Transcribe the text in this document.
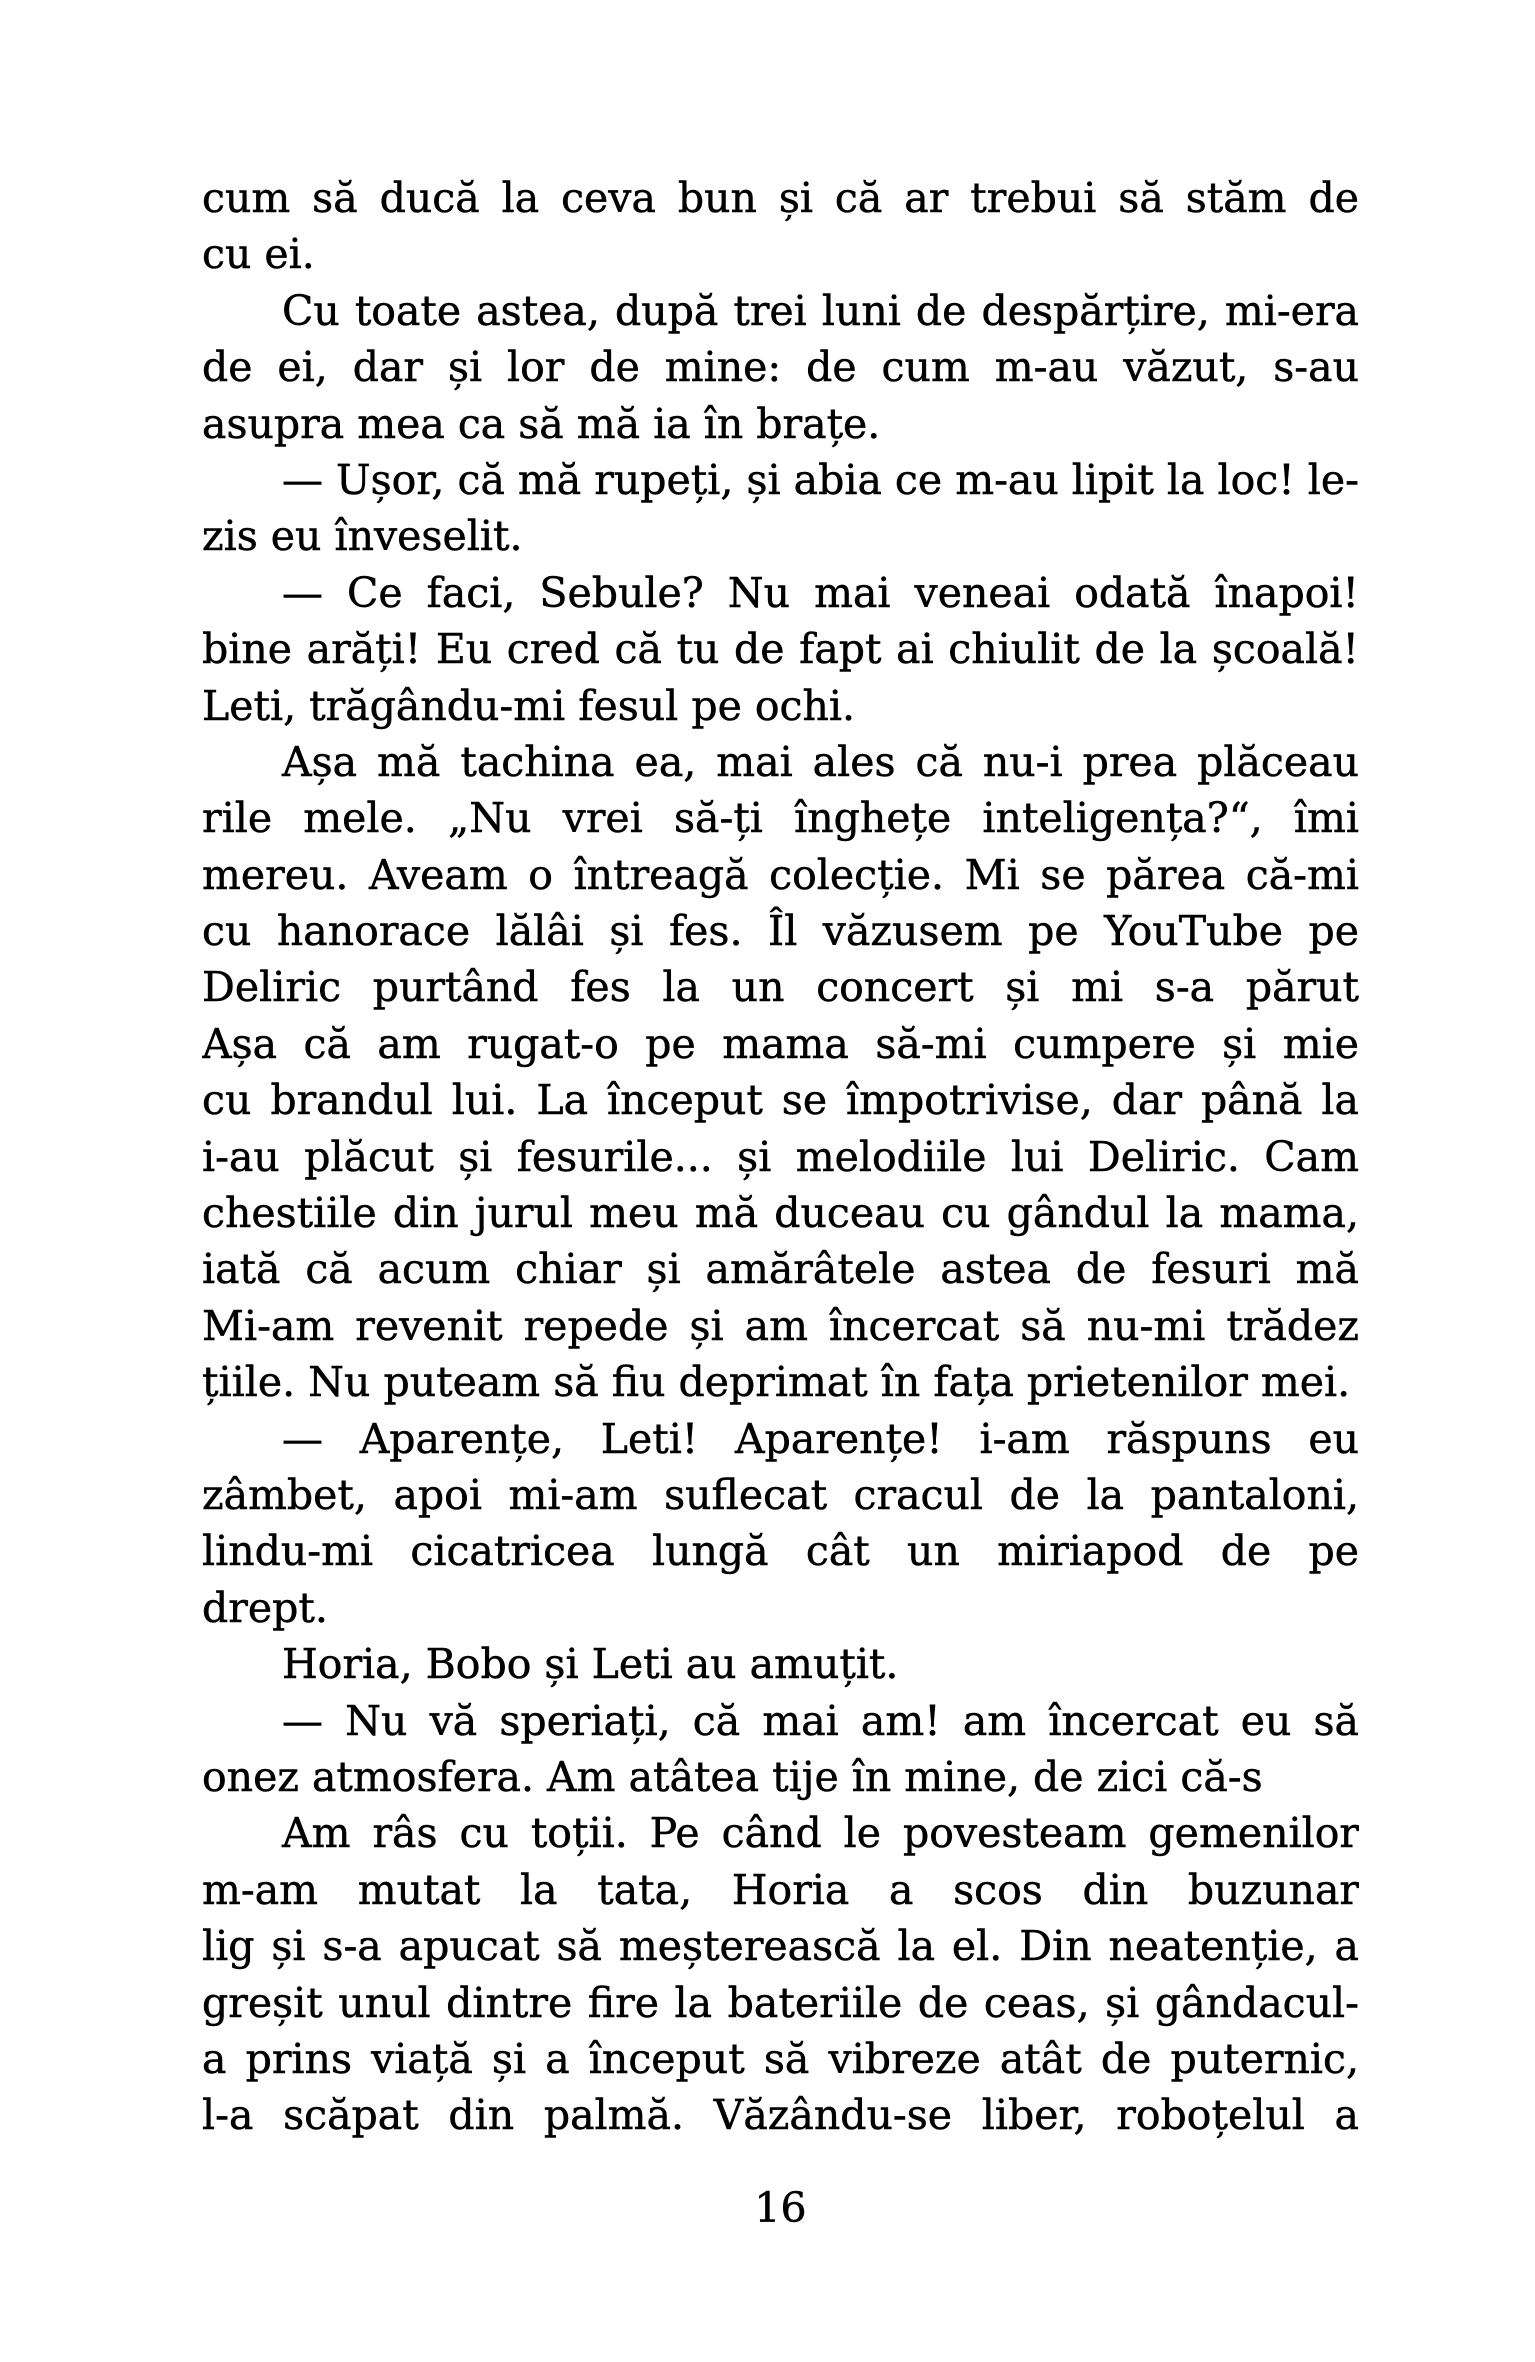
cum să ducă la ceva bun și că ar trebui să stăm de
cu ei.
Cu toate astea, după trei luni de despărțire, mi-era
de ei, dar și lor de mine: de cum m-au văzut, s-au
asupra mea ca să mă ia în brațe.
— Ușor, că mă rupeți, și abia ce m-au lipit la loc! le-
zis eu înveselit.
— Ce faci, Sebule? Nu mai veneai odată înapoi!
bine arăți! Eu cred că tu de fapt ai chiulit de la școală!
Leti, trăgându-mi fesul pe ochi.
Așa mă tachina ea, mai ales că nu-i prea plăceau
rile mele. „Nu vrei să-ți înghețe inteligența?“, îmi
mereu. Aveam o întreagă colecție. Mi se părea că-mi
cu hanorace lălâi și fes. Îl văzusem pe YouTube pe
Deliric purtând fes la un concert și mi s-a părut
Așa că am rugat-o pe mama să-mi cumpere și mie
cu brandul lui. La început se împotrivise, dar până la
i-au plăcut și fesurile... și melodiile lui Deliric. Cam
chestiile din jurul meu mă duceau cu gândul la mama,
iată că acum chiar și amărâtele astea de fesuri mă
Mi-am revenit repede și am încercat să nu-mi trădez
țiile. Nu puteam să fiu deprimat în fața prietenilor mei.
— Aparențe, Leti! Aparențe! i-am răspuns eu
zâmbet, apoi mi-am suflecat cracul de la pantaloni,
lindu-mi cicatricea lungă cât un miriapod de pe
drept.
Horia, Bobo și Leti au amuțit.
— Nu vă speriați, că mai am! am încercat eu să
onez atmosfera. Am atâtea tije în mine, de zici că-s
Am râs cu toții. Pe când le povesteam gemenilor
m-am mutat la tata, Horia a scos din buzunar
lig și s-a apucat să meșterească la el. Din neatenție, a
greșit unul dintre fire la bateriile de ceas, și gândacul-
a prins viață și a început să vibreze atât de puternic,
l-a scăpat din palmă. Văzându-se liber, roboțelul a
16
